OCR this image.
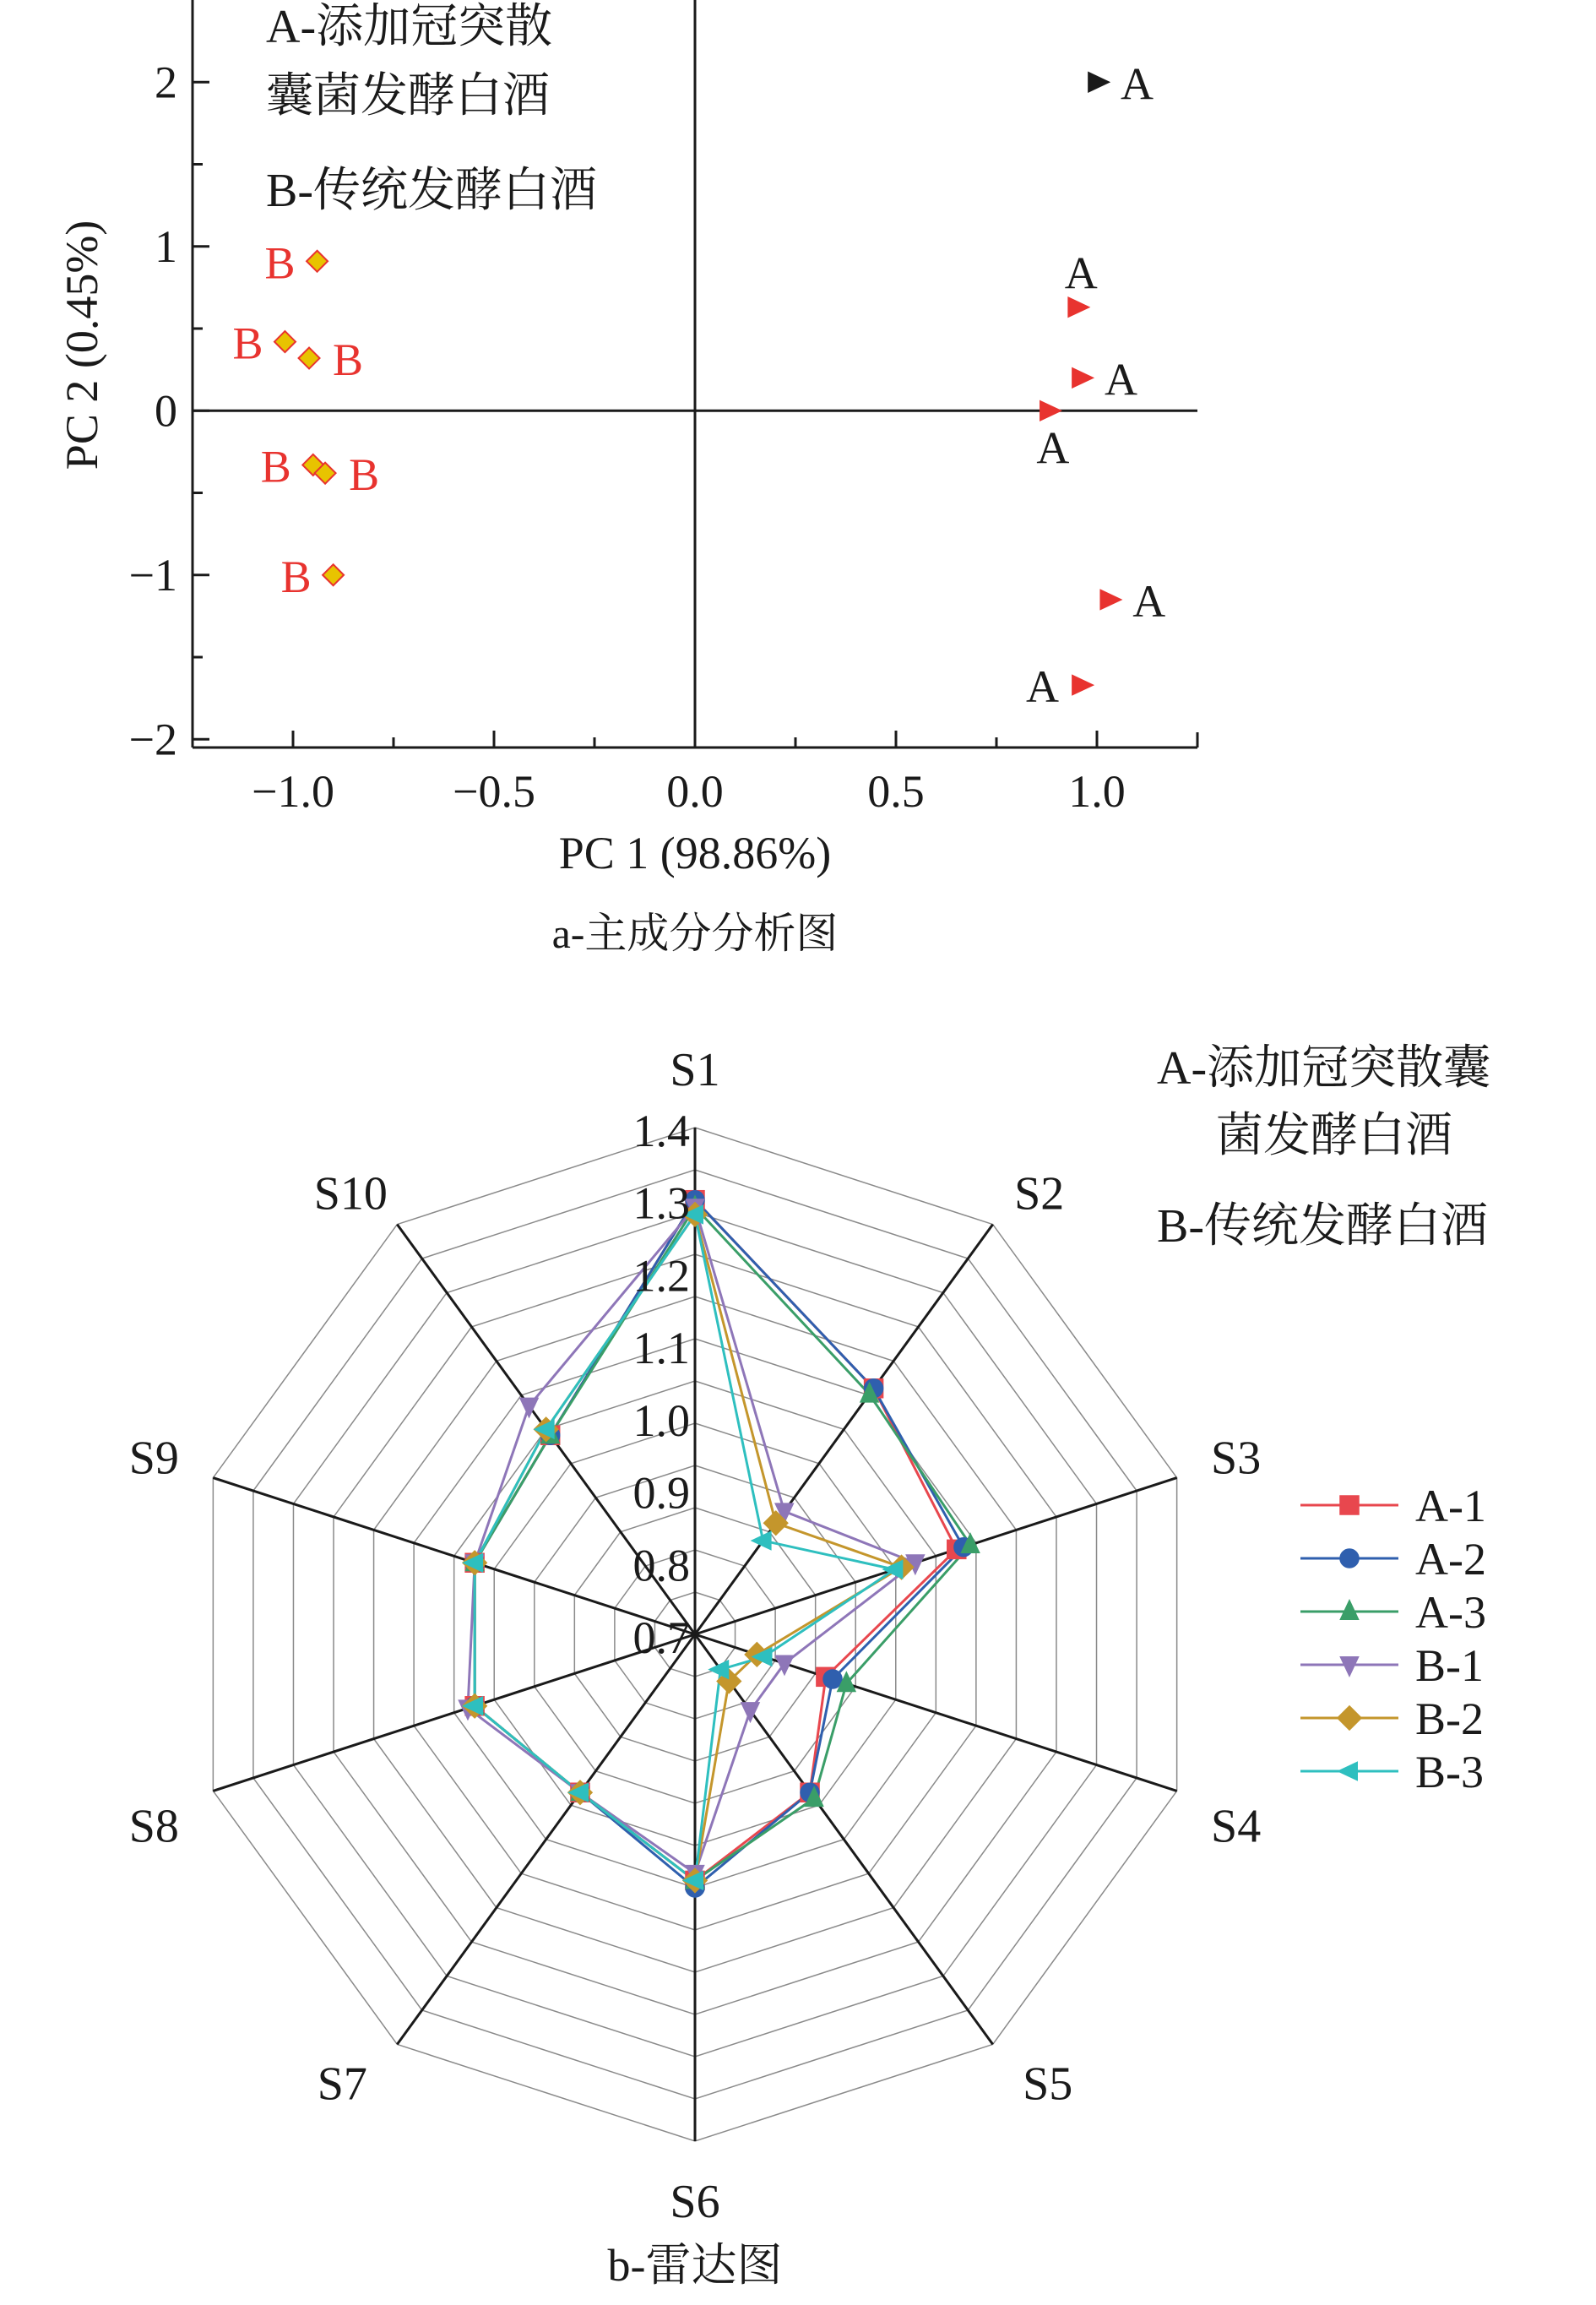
−1.0	−0.5	0.0	0.5	1.0
−2
−1
0
1
2
PC 1 (98.86%)
PC 2 (0.45%)
A-添加冠突散
囊菌发酵白酒
B-传统发酵白酒
A
A
A
A
A
A
B
B B
B B
B
a-主成分分析图
S1
S2
S3
S4
S5
S6
S7
S8
S9
S10
0.7
0.8
0.9
1.0
1.1
1.2
1.3
1.4
A-添加冠突散囊
菌发酵白酒
B-传统发酵白酒
A-1
A-2
A-3
B-1
B-2
B-3
b-雷达图
